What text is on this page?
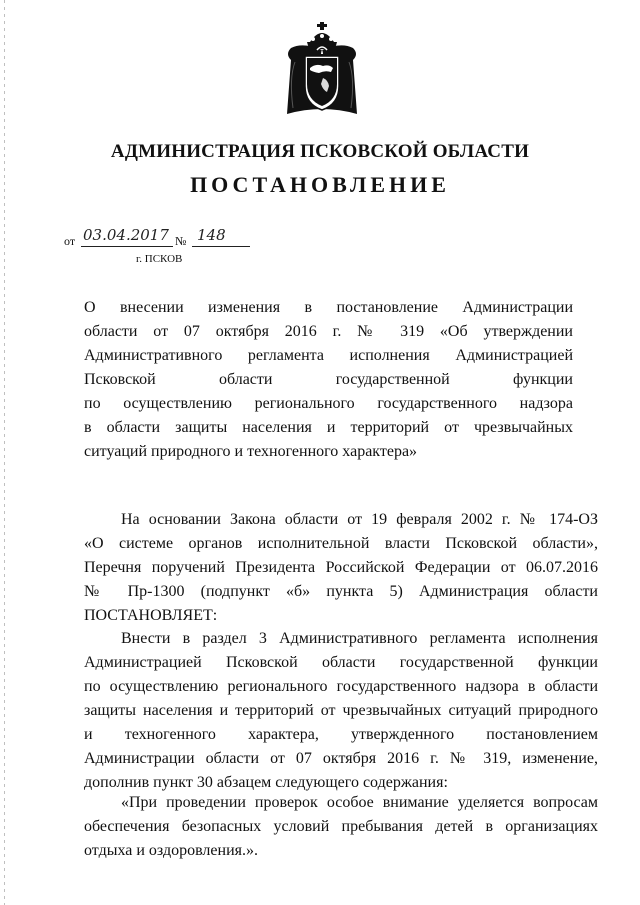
АДМИНИСТРАЦИЯ ПСКОВСКОЙ ОБЛАСТИ
ПОСТАНОВЛЕНИЕ
от 03.04.2017 № 148
г. ПСКОВ
О внесении изменения в постановление Администрации
области от 07 октября 2016 г. № 319 «Об утверждении
Административного регламента исполнения Администрацией
Псковской области государственной функции
по осуществлению регионального государственного надзора
в области защиты населения и территорий от чрезвычайных
ситуаций природного и техногенного характера»
На основании Закона области от 19 февраля 2002 г. № 174-ОЗ
«О системе органов исполнительной власти Псковской области»,
Перечня поручений Президента Российской Федерации от 06.07.2016
№ Пр-1300 (подпункт «б» пункта 5) Администрация области
ПОСТАНОВЛЯЕТ:
Внести в раздел 3 Административного регламента исполнения
Администрацией Псковской области государственной функции
по осуществлению регионального государственного надзора в области
защиты населения и территорий от чрезвычайных ситуаций природного
и техногенного характера, утвержденного постановлением
Администрации области от 07 октября 2016 г. № 319, изменение,
дополнив пункт 30 абзацем следующего содержания:
«При проведении проверок особое внимание уделяется вопросам
обеспечения безопасных условий пребывания детей в организациях
отдыха и оздоровления.».
